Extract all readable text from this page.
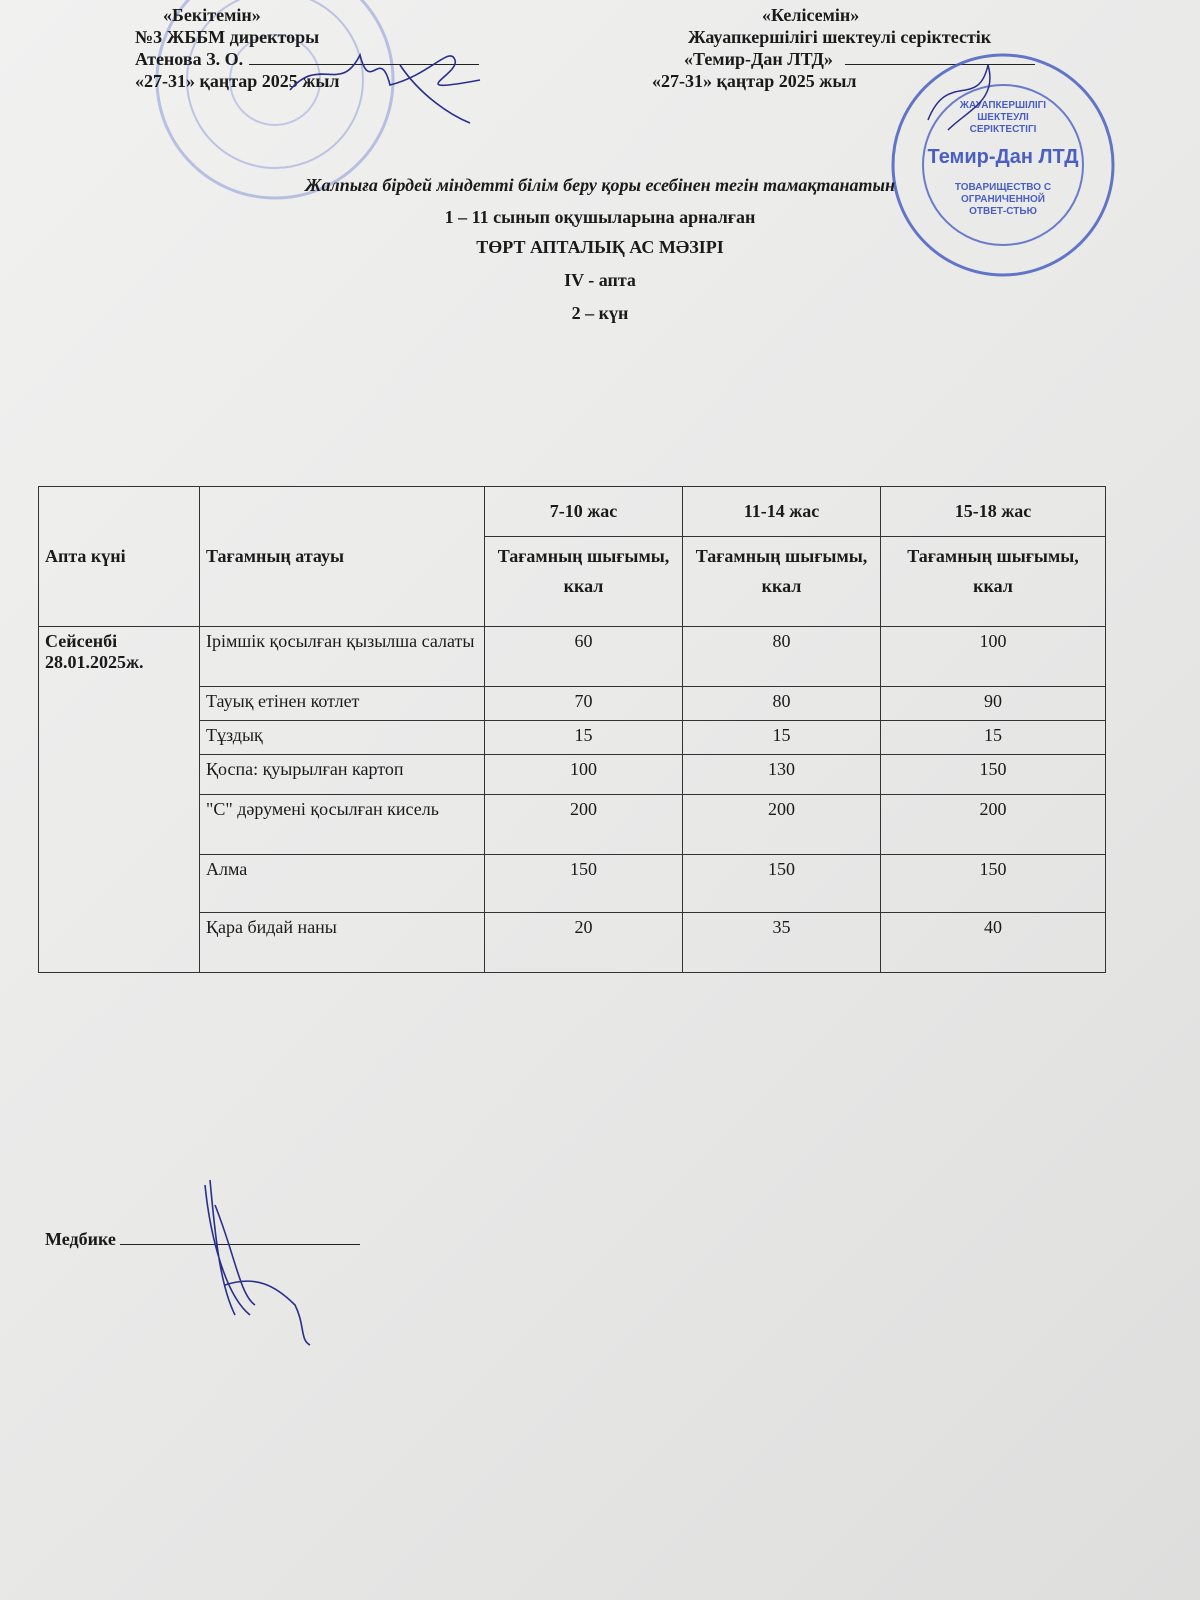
«Бекітемін»
№3 ЖББМ директоры
Атенова З. О.
«27-31» қаңтар 2025 жыл
«Келісемін»
Жауапкершілігі шектеулі серіктестік
«Темир-Дан ЛТД»
«27-31» қаңтар 2025 жыл
ЖАУАПКЕРШІЛІГІ
ШЕКТЕУЛІ
СЕРІКТЕСТІГІ
Темир-Дан ЛТД
ТОВАРИЩЕСТВО С
ОГРАНИЧЕННОЙ
ОТВЕТ-СТЬЮ
Жалпыға бірдей міндетті білім беру қоры есебінен тегін тамақтанатын
1 – 11 сынып оқушыларына арналған
ТӨРТ АПТАЛЫҚ АС МӘЗІРІ
IV - апта
2 – күн
Апта күні	Тағамның атауы	7-10 жас	11-14 жас	15-18 жас
		Тағамның шығымы, ккал	Тағамның шығымы, ккал	Тағамның шығымы, ккал

Сейсенбі
28.01.2025ж.	Ірімшік қосылған қызылша салаты	60	80	100
	Тауық етінен котлет	70	80	90
	Тұздық	15	15	15
	Қоспа: қуырылған картоп	100	130	150
	"С" дәрумені қосылған кисель	200	200	200
	Алма	150	150	150
	Қара бидай наны	20	35	40
Медбике
